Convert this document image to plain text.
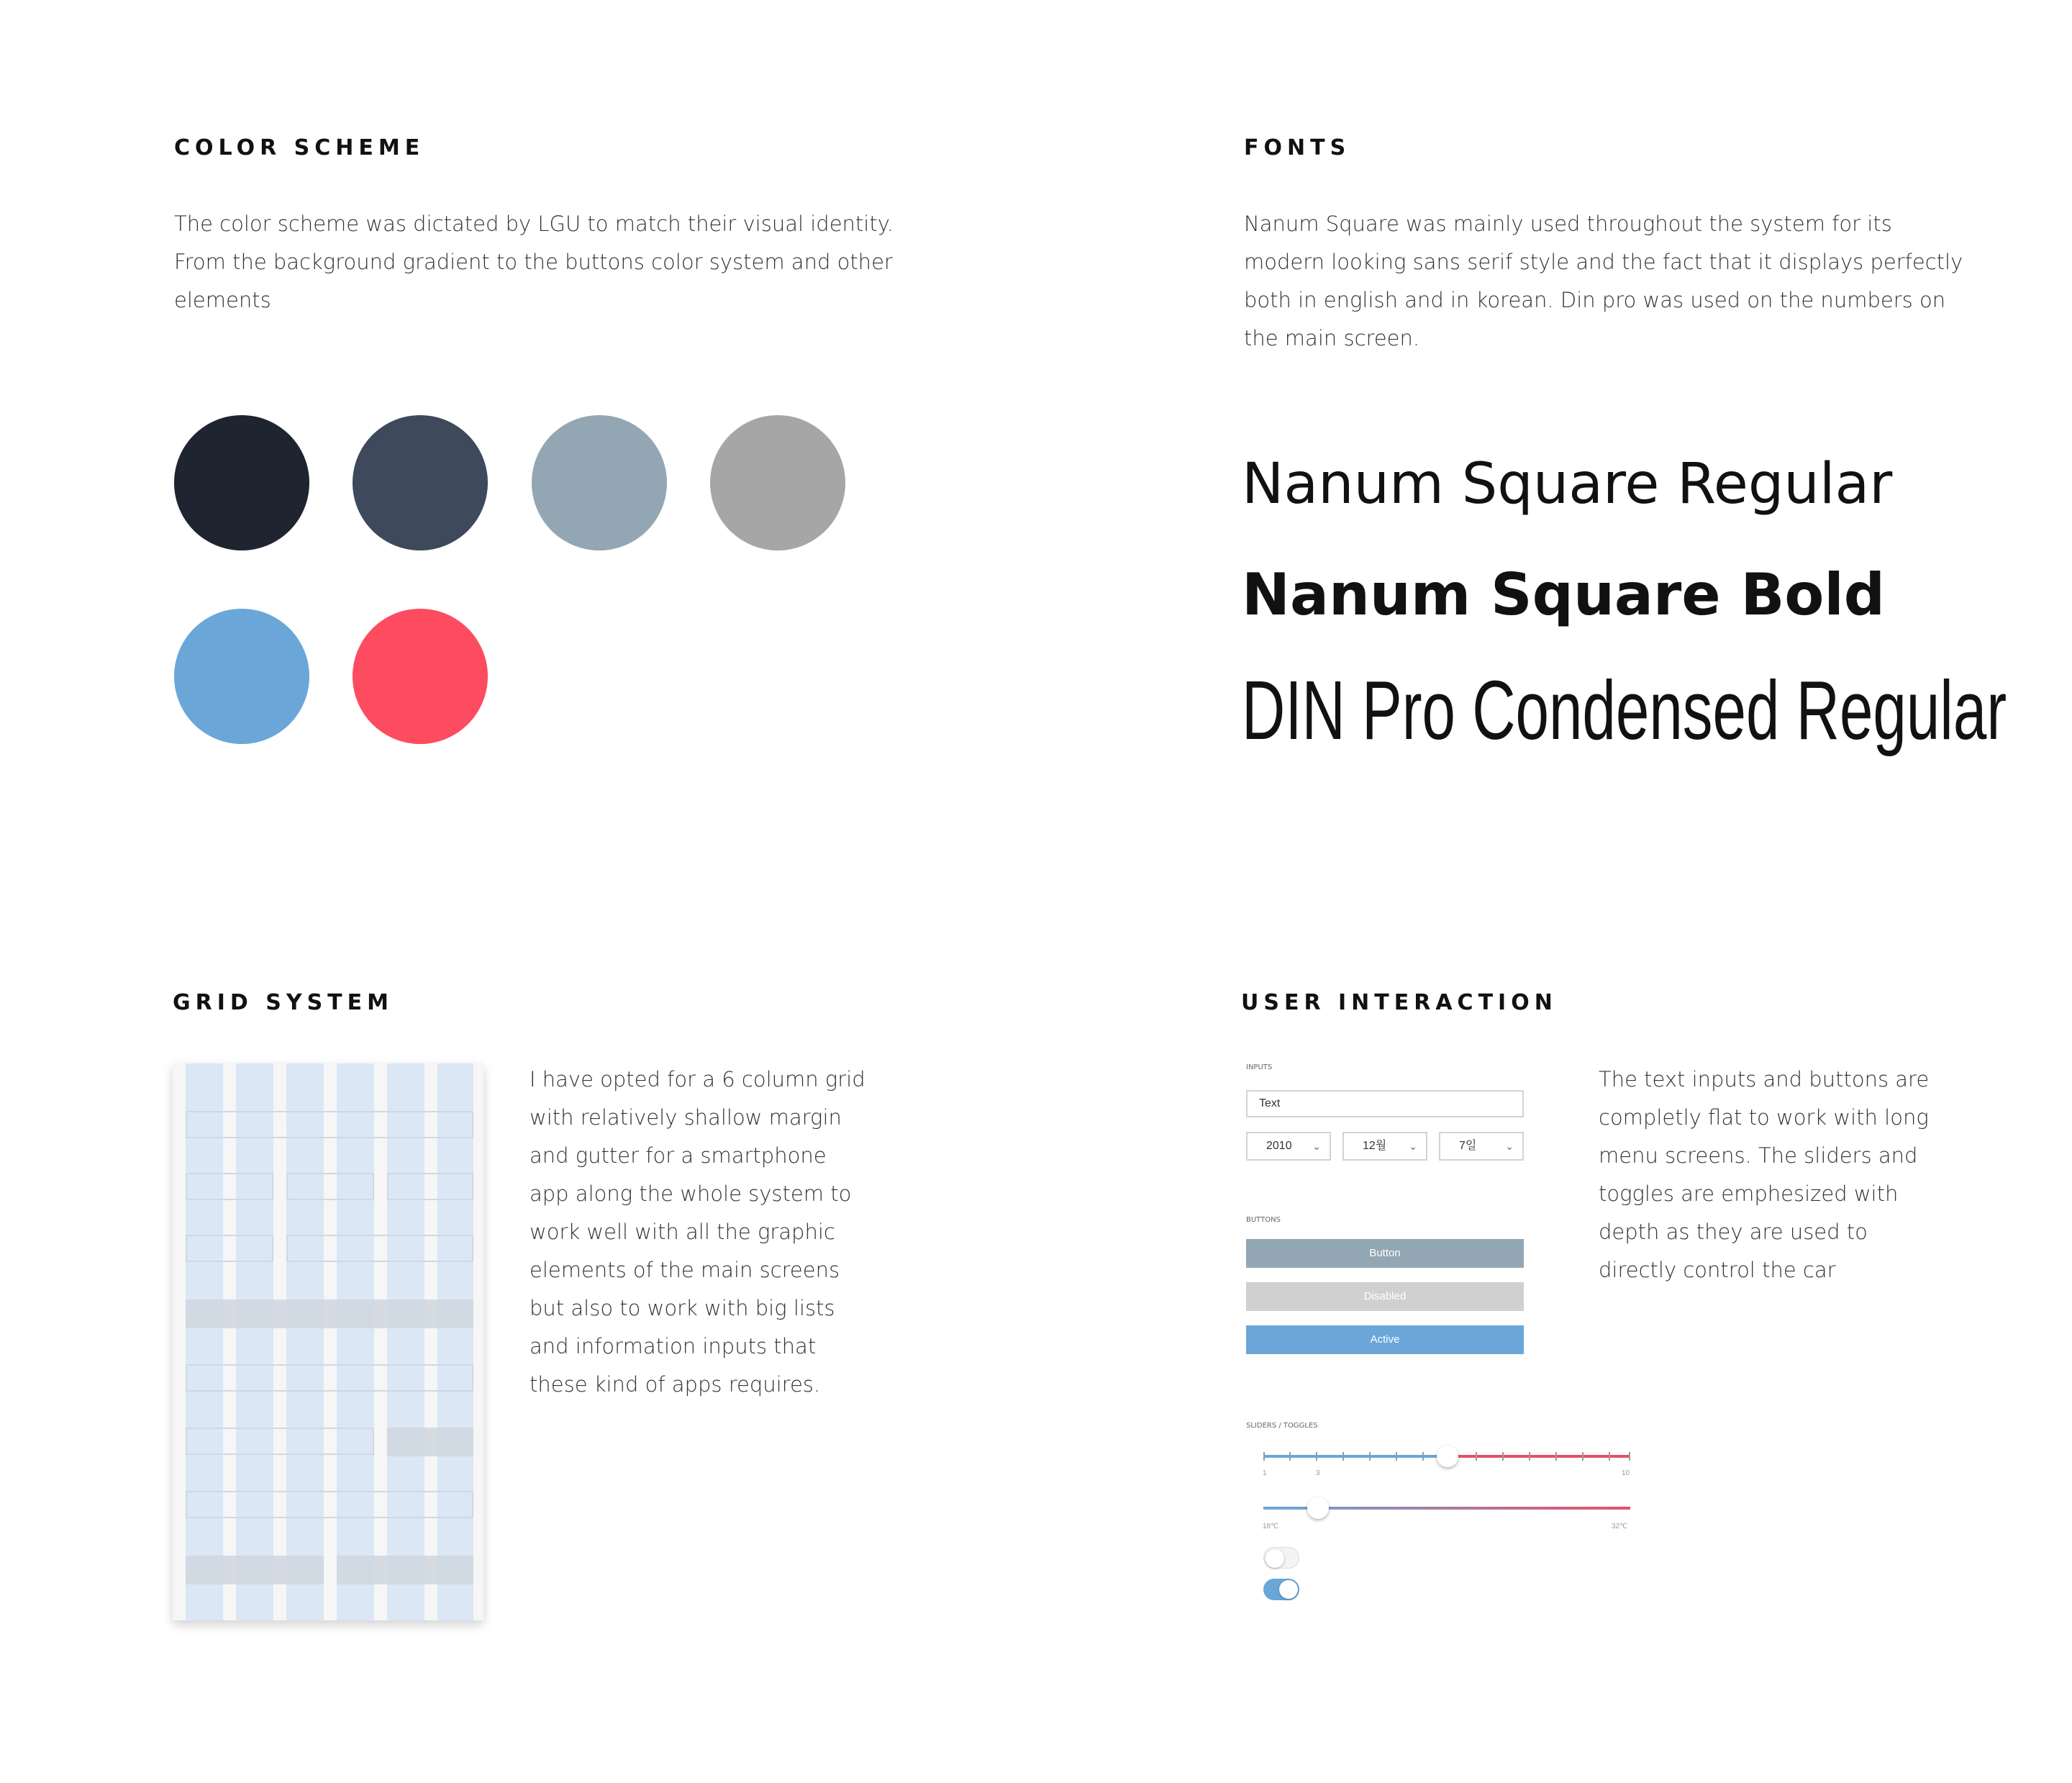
COLOR SCHEME

The color scheme was dictated by LGU to match their visual identity.
From the background gradient to the buttons color system and other
elements

FONTS

Nanum Square was mainly used throughout the system for its
modern looking sans serif style and the fact that it displays perfectly
both in english and in korean. Din pro was used on the numbers on
the main screen.

Nanum Square Regular

Nanum Square Bold

DIN Pro Condensed Regular

GRID SYSTEM

I have opted for a 6 column grid
with relatively shallow margin
and gutter for a smartphone
app along the whole system to
work well with all the graphic
elements of the main screens
but also to work with big lists
and information inputs that
these kind of apps requires.

USER INTERACTION
INPUTS
Text
2010 ⌄	12월 ⌄	7일	⌄
BUTTONS
Button
Disabled
Active
SLIDERS / TOGGLES
1	3	10
18℃	32℃

The text inputs and buttons are
completly flat to work with long
menu screens. The sliders and
toggles are emphesized with
depth as they are used to
directly control the car
